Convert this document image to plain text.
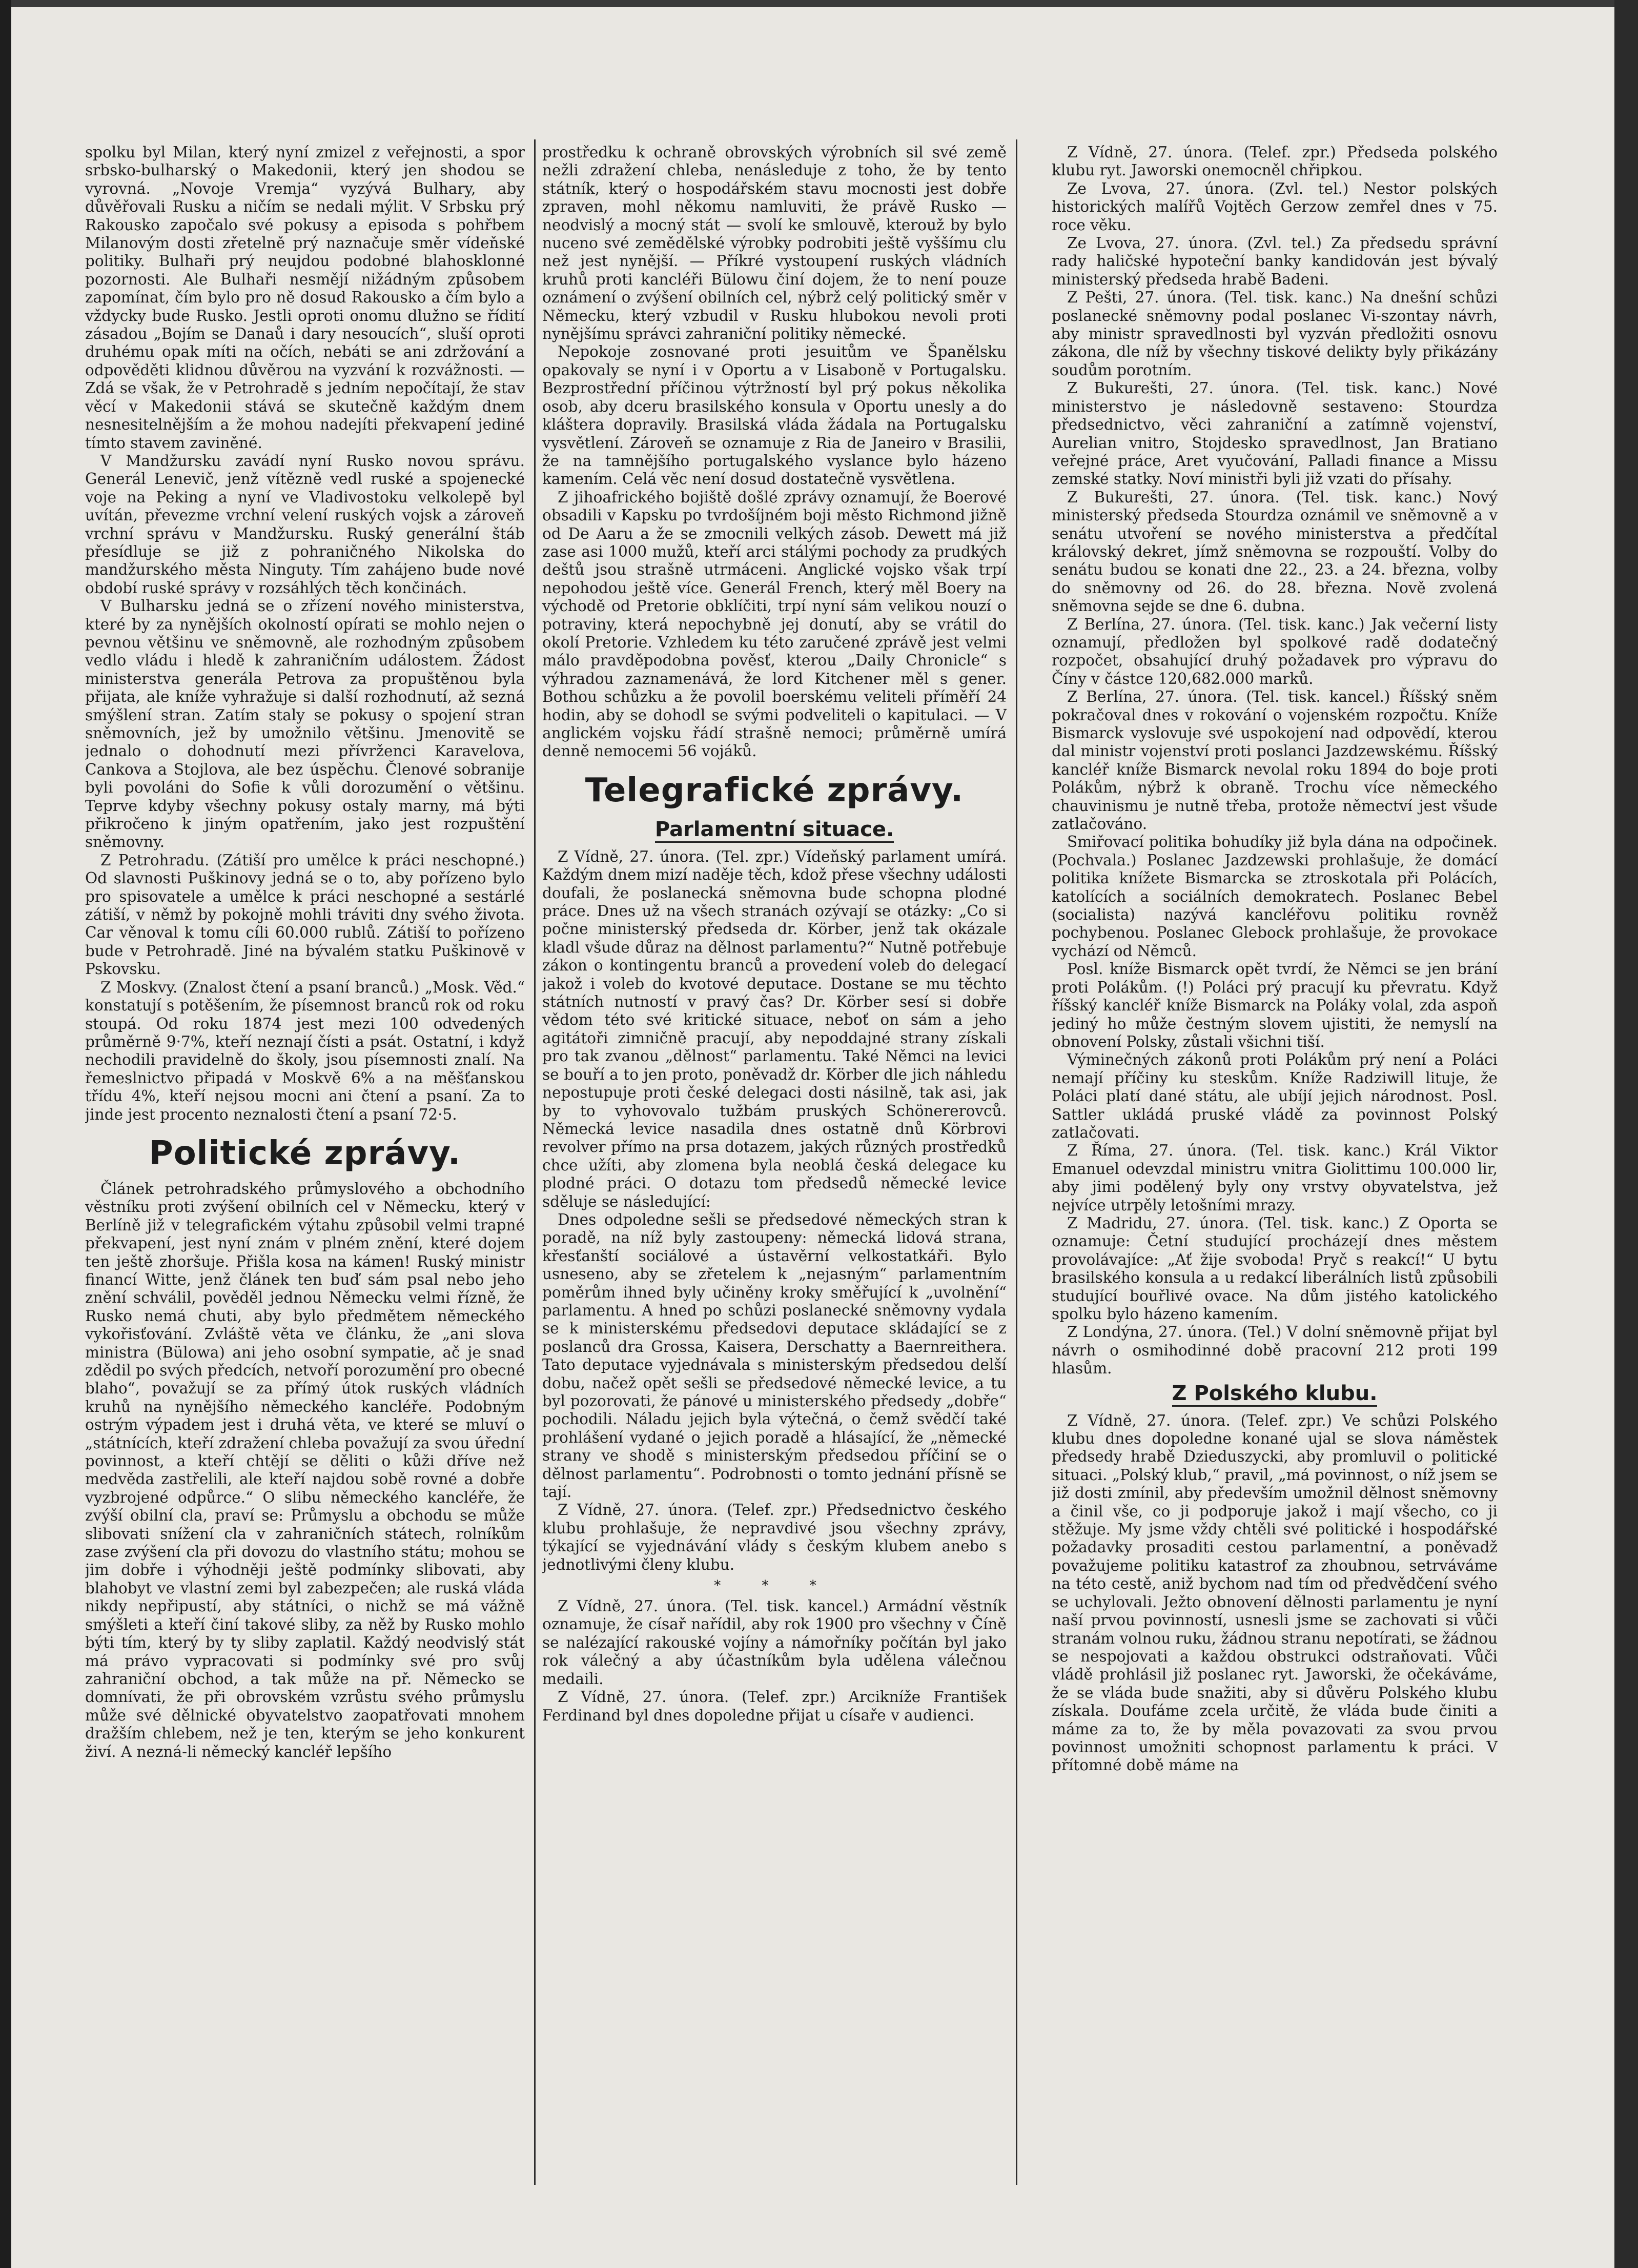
spolku byl Milan, který nyní zmizel z veřejnosti, a spor srbsko-bulharský o Makedonii, který jen shodou se vyrovná. „Novoje Vremja“ vyzývá Bulhary, aby důvěřovali Rusku a ničím se nedali mýlit. V Srbsku prý Rakousko započalo své pokusy a episoda s pohřbem Milanovým dosti zřetelně prý naznačuje směr vídeňské politiky. Bulhaři prý neujdou podobné blahosklonné pozornosti. Ale Bulhaři nesmějí nižádným způsobem zapomínat, čím bylo pro ně dosud Rakousko a čím bylo a vždycky bude Rusko. Jestli oproti onomu dlužno se řídití zásadou „Bojím se Danaů i dary nesoucích“, sluší oproti druhému opak míti na očích, nebáti se ani zdržování a odpověděti klidnou důvěrou na vyzvání k rozvážnosti. — Zdá se však, že v Petrohradě s jedním nepočítají, že stav věcí v Makedonii stává se skutečně každým dnem nesnesitelnějším a že mohou nadejíti překvapení jediné tímto stavem zaviněné.

V Mandžursku zavádí nyní Rusko novou správu. Generál Lenevič, jenž vítězně vedl ruské a spojenecké voje na Peking a nyní ve Vladivostoku velkolepě byl uvítán, převezme vrchní velení ruských vojsk a zároveň vrchní správu v Mandžursku. Ruský generální štáb přesídluje se již z pohraničného Nikolska do mandžurského města Ninguty. Tím zahájeno bude nové období ruské správy v rozsáhlých těch končinách.

V Bulharsku jedná se o zřízení nového ministerstva, které by za nynějších okolností opírati se mohlo nejen o pevnou většinu ve sněmovně, ale rozhodným způsobem vedlo vládu i hledě k zahraničním událostem. Žádost ministerstva generála Petrova za propuštěnou byla přijata, ale kníže vyhražuje si další rozhodnutí, až sezná smýšlení stran. Zatím staly se pokusy o spojení stran sněmovních, jež by umožnilo většinu. Jmenovitě se jednalo o dohodnutí mezi přívrženci Karavelova, Cankova a Stojlova, ale bez úspěchu. Členové sobranije byli povoláni do Sofie k vůli dorozumění o většinu. Teprve kdyby všechny pokusy ostaly marny, má býti přikročeno k jiným opatřením, jako jest rozpuštění sněmovny.

Z Petrohradu. (Zátiší pro umělce k práci neschopné.) Od slavnosti Puškinovy jedná se o to, aby pořízeno bylo pro spisovatele a umělce k práci neschopné a sestárlé zátiší, v němž by pokojně mohli tráviti dny svého života. Car věnoval k tomu cíli 60.000 rublů. Zátiší to pořízeno bude v Petrohradě. Jiné na bývalém statku Puškinově v Pskovsku.

Z Moskvy. (Znalost čtení a psaní branců.) „Mosk. Věd.“ konstatují s potěšením, že písemnost branců rok od roku stoupá. Od roku 1874 jest mezi 100 odvedených průměrně 9·7%, kteří neznají čísti a psát. Ostatní, i když nechodili pravidelně do školy, jsou písemnosti znalí. Na řemeslnictvo připadá v Moskvě 6% a na měšťanskou třídu 4%, kteří nejsou mocni ani čtení a psaní. Za to jinde jest procento neznalosti čtení a psaní 72·5.

Politické zprávy.

Článek petrohradského průmyslového a obchodního věstníku proti zvýšení obilních cel v Německu, který v Berlíně již v telegrafickém výtahu způsobil velmi trapné překvapení, jest nyní znám v plném znění, které dojem ten ještě zhoršuje. Přišla kosa na kámen! Ruský ministr financí Witte, jenž článek ten buď sám psal nebo jeho znění schválil, pověděl jednou Německu velmi řízně, že Rusko nemá chuti, aby bylo předmětem německého vykořisťování. Zvláště věta ve článku, že „ani slova ministra (Bülowa) ani jeho osobní sympatie, ač je snad zdědil po svých předcích, netvoří porozumění pro obecné blaho“, považují se za přímý útok ruských vládních kruhů na nynějšího německého kancléře. Podobným ostrým výpadem jest i druhá věta, ve které se mluví o „státnících, kteří zdražení chleba považují za svou úřední povinnost, a kteří chtějí se děliti o kůži dříve než medvěda zastřelili, ale kteří najdou sobě rovné a dobře vyzbrojené odpůrce.“ O slibu německého kancléře, že zvýší obilní cla, praví se: Průmyslu a obchodu se může slibovati snížení cla v zahraničních státech, rolníkům zase zvýšení cla při dovozu do vlastního státu; mohou se jim dobře i výhodněji ještě podmínky slibovati, aby blahobyt ve vlastní zemi byl zabezpečen; ale ruská vláda nikdy nepřipustí, aby státníci, o nichž se má vážně smýšleti a kteří činí takové sliby, za něž by Rusko mohlo býti tím, který by ty sliby zaplatil. Každý neodvislý stát má právo vypracovati si podmínky své pro svůj zahraniční obchod, a tak může na př. Německo se domnívati, že při obrovském vzrůstu svého průmyslu může své dělnické obyvatelstvo zaopatřovati mnohem dražším chlebem, než je ten, kterým se jeho konkurent živí. A nezná-li německý kancléř lepšího

prostředku k ochraně obrovských výrobních sil své země nežli zdražení chleba, nenásleduje z toho, že by tento státník, který o hospodářském stavu mocnosti jest dobře zpraven, mohl někomu namluviti, že právě Rusko — neodvislý a mocný stát — svolí ke smlouvě, kterouž by bylo nuceno své zemědělské výrobky podrobiti ještě vyššímu clu než jest nynější. — Příkré vystoupení ruských vládních kruhů proti kancléři Bülowu činí dojem, že to není pouze oznámení o zvýšení obilních cel, nýbrž celý politický směr v Německu, který vzbudil v Rusku hlubokou nevoli proti nynějšímu správci zahraniční politiky německé.

Nepokoje zosnované proti jesuitům ve Španělsku opakovaly se nyní i v Oportu a v Lisaboně v Portugalsku. Bezprostřední příčinou výtržností byl prý pokus několika osob, aby dceru brasilského konsula v Oportu unesly a do kláštera dopravily. Brasilská vláda žádala na Portugalsku vysvětlení. Zároveň se oznamuje z Ria de Janeiro v Brasilii, že na tamnějšího portugalského vyslance bylo házeno kamením. Celá věc není dosud dostatečně vysvětlena.

Z jihoafrického bojiště došlé zprávy oznamují, že Boerové obsadili v Kapsku po tvrdošíjném boji město Richmond jižně od De Aaru a že se zmocnili velkých zásob. Dewett má již zase asi 1000 mužů, kteří arci stálými pochody za prudkých deštů jsou strašně utrmáceni. Anglické vojsko však trpí nepohodou ještě více. Generál French, který měl Boery na východě od Pretorie obklíčiti, trpí nyní sám velikou nouzí o potraviny, která nepochybně jej donutí, aby se vrátil do okolí Pretorie. Vzhledem ku této zaručené zprávě jest velmi málo pravděpodobna pověsť, kterou „Daily Chronicle“ s výhradou zaznamenává, že lord Kitchener měl s gener. Bothou schůzku a že povolil boerskému veliteli příměří 24 hodin, aby se dohodl se svými podveliteli o kapitulaci. — V anglickém vojsku řádí strašně nemoci; průměrně umírá denně nemocemi 56 vojáků.

Telegrafické zprávy.
Parlamentní situace.

Z Vídně, 27. února. (Tel. zpr.) Vídeňský parlament umírá. Každým dnem mizí naděje těch, kdož přese všechny události doufali, že poslanecká sněmovna bude schopna plodné práce. Dnes už na všech stranách ozývají se otázky: „Co si počne ministerský předseda dr. Körber, jenž tak okázale kladl všude důraz na dělnost parlamentu?“ Nutně potřebuje zákon o kontingentu branců a provedení voleb do delegací jakož i voleb do kvotové deputace. Dostane se mu těchto státních nutností v pravý čas? Dr. Körber sesí si dobře vědom této své kritické situace, neboť on sám a jeho agitátoři zimničně pracují, aby nepoddajné strany získali pro tak zvanou „dělnost“ parlamentu. Také Němci na levici se bouří a to jen proto, poněvadž dr. Körber dle jich náhledu nepostupuje proti české delegaci dosti násilně, tak asi, jak by to vyhovovalo tužbám pruských Schönererovců. Německá levice nasadila dnes ostatně dnů Körbrovi revolver přímo na prsa dotazem, jakých různých prostředků chce užíti, aby zlomena byla neoblá česká delegace ku plodné práci. O dotazu tom předsedů německé levice sděluje se následující:

Dnes odpoledne sešli se předsedové německých stran k poradě, na níž byly zastoupeny: německá lidová strana, křesťanští sociálové a ústavěrní velkostatkáři. Bylo usneseno, aby se zřetelem k „nejasným“ parlamentním poměrům ihned byly učiněny kroky směřující k „uvolnění“ parlamentu. A hned po schůzi poslanecké sněmovny vydala se k ministerskému předsedovi deputace skládající se z poslanců dra Grossa, Kaisera, Derschatty a Baernreithera. Tato deputace vyjednávala s ministerským předsedou delší dobu, načež opět sešli se předsedové německé levice, a tu byl pozorovati, že pánové u ministerského předsedy „dobře“ pochodili. Náladu jejich byla výtečná, o čemž svědčí také prohlášení vydané o jejich poradě a hlásající, že „německé strany ve shodě s ministerským předsedou příčiní se o dělnost parlamentu“. Podrobnosti o tomto jednání přísně se tají.

Z Vídně, 27. února. (Telef. zpr.) Předsednictvo českého klubu prohlašuje, že nepravdivé jsou všechny zprávy, týkající se vyjednávání vlády s českým klubem anebo s jednotlivými členy klubu.

* * *

Z Vídně, 27. února. (Tel. tisk. kancel.) Armádní věstník oznamuje, že císař nařídil, aby rok 1900 pro všechny v Číně se nalézající rakouské vojíny a námořníky počítán byl jako rok válečný a aby účastníkům byla udělena válečnou medaili.

Z Vídně, 27. února. (Telef. zpr.) Arcikníže František Ferdinand byl dnes dopoledne přijat u císaře v audienci.

Z Vídně, 27. února. (Telef. zpr.) Předseda polského klubu ryt. Jaworski onemocněl chřipkou.

Ze Lvova, 27. února. (Zvl. tel.) Nestor polských historických malířů Vojtěch Gerzow zemřel dnes v 75. roce věku.

Ze Lvova, 27. února. (Zvl. tel.) Za předsedu správní rady haličské hypoteční banky kandidován jest bývalý ministerský předseda hrabě Badeni.

Z Pešti, 27. února. (Tel. tisk. kanc.) Na dnešní schůzi poslanecké sněmovny podal poslanec Vi-szontay návrh, aby ministr spravedlnosti byl vyzván předložiti osnovu zákona, dle níž by všechny tiskové delikty byly přikázány soudům porotním.

Z Bukurešti, 27. února. (Tel. tisk. kanc.) Nové ministerstvo je následovně sestaveno: Stourdza předsednictvo, věci zahraniční a zatímně vojenství, Aurelian vnitro, Stojdesko spravedlnost, Jan Bratiano veřejné práce, Aret vyučování, Palladi finance a Missu zemské statky. Noví ministři byli již vzati do přísahy.

Z Bukurešti, 27. února. (Tel. tisk. kanc.) Nový ministerský předseda Stourdza oznámil ve sněmovně a v senátu utvoření se nového ministerstva a předčítal královský dekret, jímž sněmovna se rozpouští. Volby do senátu budou se konati dne 22., 23. a 24. března, volby do sněmovny od 26. do 28. března. Nově zvolená sněmovna sejde se dne 6. dubna.

Z Berlína, 27. února. (Tel. tisk. kanc.) Jak večerní listy oznamují, předložen byl spolkové radě dodatečný rozpočet, obsahující druhý požadavek pro výpravu do Číny v částce 120,682.000 marků.

Z Berlína, 27. února. (Tel. tisk. kancel.) Říšský sněm pokračoval dnes v rokování o vojenském rozpočtu. Kníže Bismarck vyslovuje své uspokojení nad odpovědí, kterou dal ministr vojenství proti poslanci Jazdzewskému. Říšský kancléř kníže Bismarck nevolal roku 1894 do boje proti Polákům, nýbrž k obraně. Trochu více německého chauvinismu je nutně třeba, protože němectví jest všude zatlačováno.

Smiřovací politika bohudíky již byla dána na odpočinek. (Pochvala.) Poslanec Jazdzewski prohlašuje, že domácí politika knížete Bismarcka se ztroskotala při Polácích, katolících a sociálních demokratech. Poslanec Bebel (socialista) nazývá kancléřovu politiku rovněž pochybenou. Poslanec Glebock prohlašuje, že provokace vychází od Němců.

Posl. kníže Bismarck opět tvrdí, že Němci se jen brání proti Polákům. (!) Poláci prý pracují ku převratu. Když říšský kancléř kníže Bismarck na Poláky volal, zda aspoň jediný ho může čestným slovem ujistiti, že nemyslí na obnovení Polsky, zůstali všichni tiší.

Výminečných zákonů proti Polákům prý není a Poláci nemají příčiny ku steskům. Kníže Radziwill lituje, že Poláci platí dané státu, ale ubíjí jejich národnost. Posl. Sattler ukládá pruské vládě za povinnost Polský zatlačovati.

Z Říma, 27. února. (Tel. tisk. kanc.) Král Viktor Emanuel odevzdal ministru vnitra Giolittimu 100.000 lir, aby jimi podělený byly ony vrstvy obyvatelstva, jež nejvíce utrpěly letošními mrazy.

Z Madridu, 27. února. (Tel. tisk. kanc.) Z Oporta se oznamuje: Četní studující procházejí dnes městem provolávajíce: „Ať žije svoboda! Pryč s reakcí!“ U bytu brasilského konsula a u redakcí liberálních listů způsobili studující bouřlivé ovace. Na dům jistého katolického spolku bylo házeno kamením.

Z Londýna, 27. února. (Tel.) V dolní sněmovně přijat byl návrh o osmihodinné době pracovní 212 proti 199 hlasům.

Z Polského klubu.

Z Vídně, 27. února. (Telef. zpr.) Ve schůzi Polského klubu dnes dopoledne konané ujal se slova náměstek předsedy hrabě Dzieduszycki, aby promluvil o politické situaci. „Polský klub,“ pravil, „má povinnost, o níž jsem se již dosti zmínil, aby především umožnil dělnost sněmovny a činil vše, co ji podporuje jakož i mají všecho, co ji stěžuje. My jsme vždy chtěli své politické i hospodářské požadavky prosaditi cestou parlamentní, a poněvadž považujeme politiku katastrof za zhoubnou, setrváváme na této cestě, aniž bychom nad tím od předvědčení svého se uchylovali. Ježto obnovení dělnosti parlamentu je nyní naší prvou povinností, usnesli jsme se zachovati si vůči stranám volnou ruku, žádnou stranu nepotírati, se žádnou se nespojovati a každou obstrukci odstraňovati. Vůči vládě prohlásil již poslanec ryt. Jaworski, že očekáváme, že se vláda bude snažiti, aby si důvěru Polského klubu získala. Doufáme zcela určitě, že vláda bude činiti a máme za to, že by měla povazovati za svou prvou povinnost umožniti schopnost parlamentu k práci. V přítomné době máme na
